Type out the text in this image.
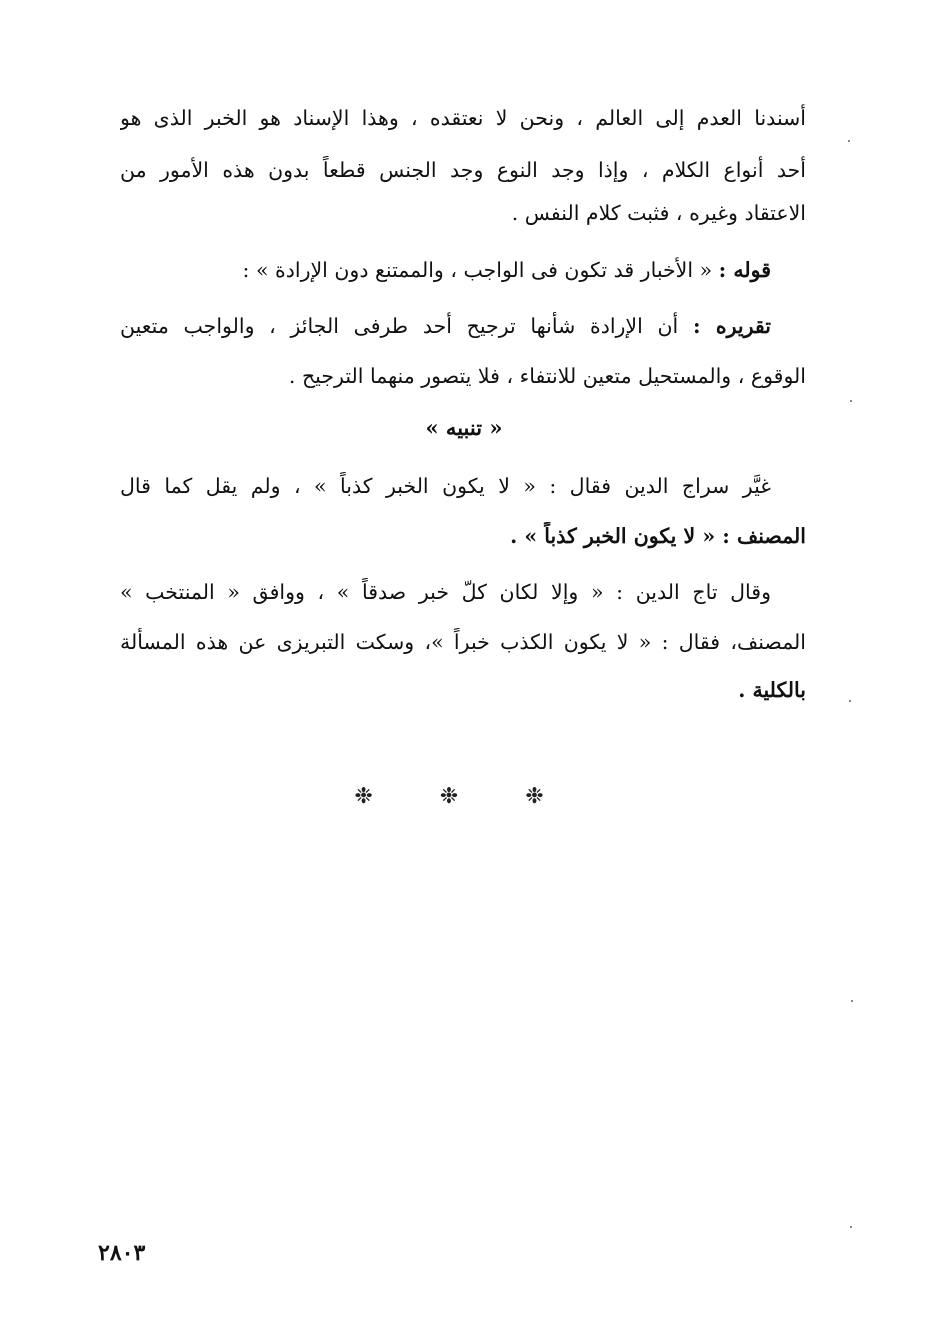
أسندنا العدم إلى العالم ، ونحن لا نعتقده ، وهذا الإسناد هو الخبر الذى هو
أحد أنواع الكلام ، وإذا وجد النوع وجد الجنس قطعاً بدون هذه الأمور من
الاعتقاد وغيره ، فثبت كلام النفس .
قوله : « الأخبار قد تكون فى الواجب ، والممتنع دون الإرادة » :
تقريره : أن الإرادة شأنها ترجيح أحد طرفى الجائز ، والواجب متعين
الوقوع ، والمستحيل متعين للانتفاء ، فلا يتصور منهما الترجيح .
« تنبيه »
غيَّر سراج الدين فقال : « لا يكون الخبر كذباً » ، ولم يقل كما قال
المصنف : « لا يكون الخبر كذباً » .
وقال تاج الدين : « وإلا لكان كلّ خبر صدقاً » ، ووافق « المنتخب »
المصنف، فقال : « لا يكون الكذب خبراً »، وسكت التبريزى عن هذه المسألة
بالكلية .
❉ ❉ ❉
٢٨٠٣
